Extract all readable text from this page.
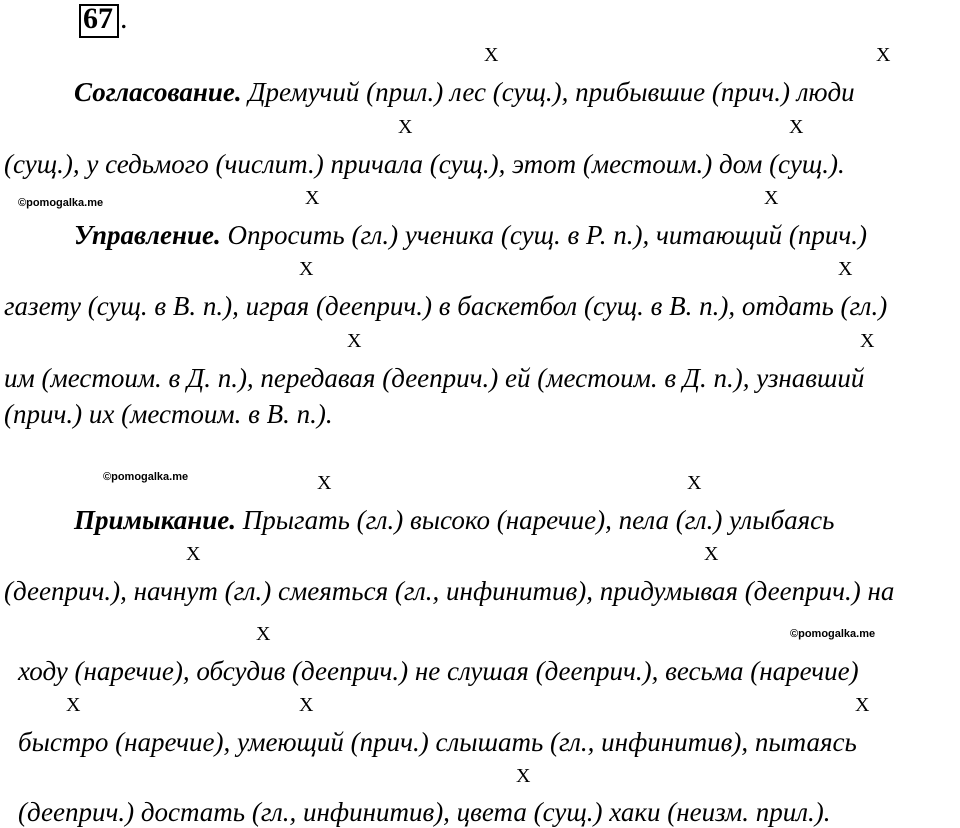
67 .
X	X
Согласование. Дремучий (прил.) лес (сущ.), прибывшие (прич.) люди
X	X
(сущ.), у седьмого (числит.) причала (сущ.), этот (местоим.) дом (сущ.).
©pomogalka.me	X	X
Управление. Опросить (гл.) ученика (сущ. в Р. п.), читающий (прич.)
X	X
газету (сущ. в В. п.), играя (дееприч.) в баскетбол (сущ. в В. п.), отдать (гл.)
X	X
им (местоим. в Д. п.), передавая (дееприч.) ей (местоим. в Д. п.), узнавший
(прич.) их (местоим. в В. п.).
©pomogalka.me	X	X
Примыкание. Прыгать (гл.) высоко (наречие), пела (гл.) улыбаясь
X	X
(дееприч.), начнут (гл.) смеяться (гл., инфинитив), придумывая (дееприч.) на
X	©pomogalka.me
ходу (наречие), обсудив (дееприч.) не слушая (дееприч.), весьма (наречие)
X	X	X
быстро (наречие), умеющий (прич.) слышать (гл., инфинитив), пытаясь
X
(дееприч.) достать (гл., инфинитив), цвета (сущ.) хаки (неизм. прил.).
